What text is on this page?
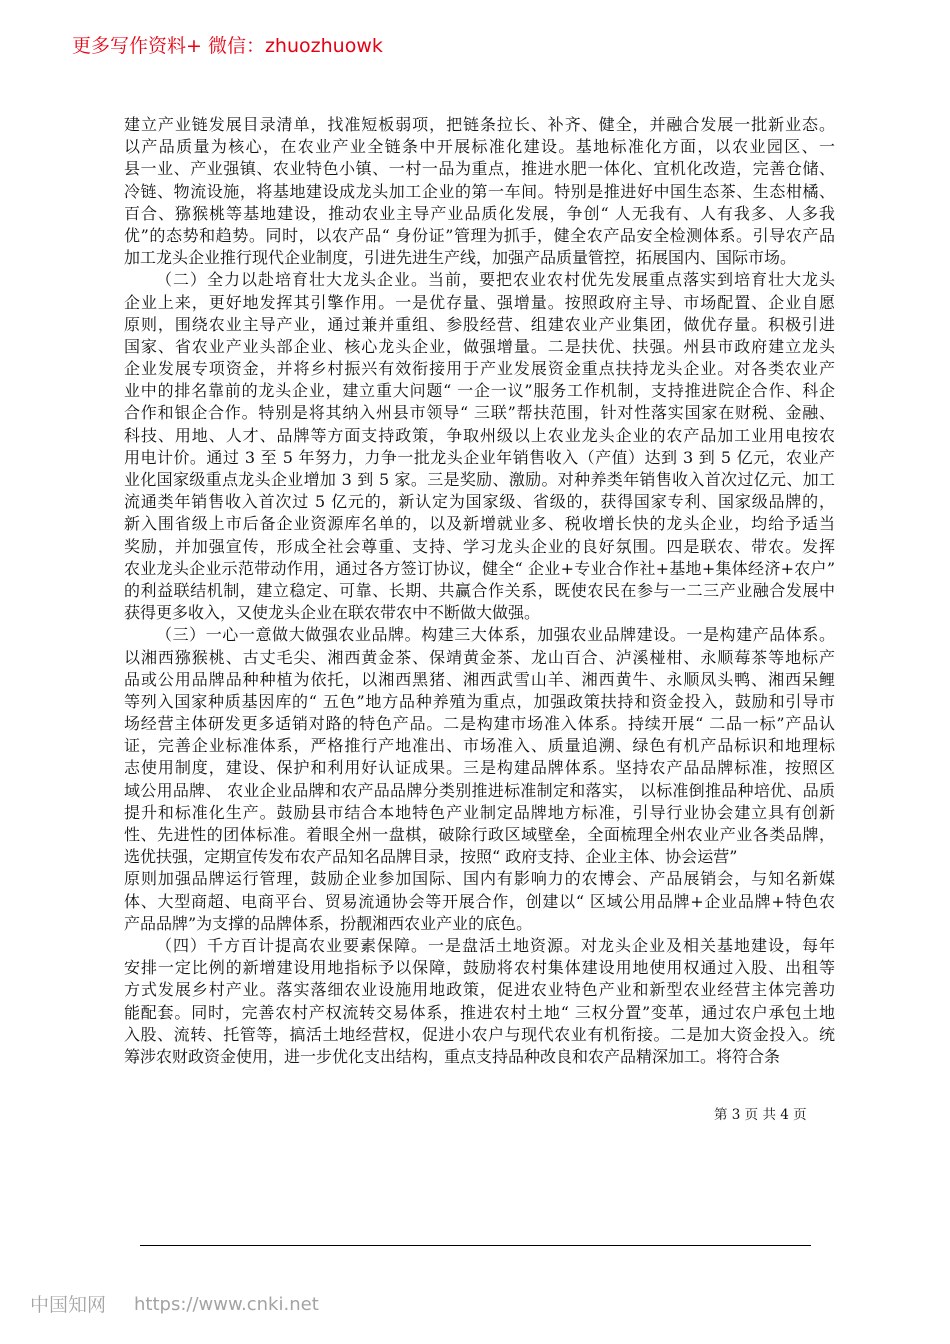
更多写作资料+ 微信：zhuozhuowk
建立产业链发展目录清单，找准短板弱项，把链条拉长、补齐、健全，并融合发展一批新业态。
以产品质量为核心，在农业产业全链条中开展标准化建设。基地标准化方面，以农业园区、一
县一业、产业强镇、农业特色小镇、一村一品为重点，推进水肥一体化、宜机化改造，完善仓储、
冷链、物流设施，将基地建设成龙头加工企业的第一车间。特别是推进好中国生态茶、生态柑橘、
百合、猕猴桃等基地建设，推动农业主导产业品质化发展，争创“ 人无我有、人有我多、人多我
优”的态势和趋势。同时，以农产品“ 身份证”管理为抓手，健全农产品安全检测体系。引导农产品
加工龙头企业推行现代企业制度，引进先进生产线，加强产品质量管控，拓展国内、国际市场。
（二）全力以赴培育壮大龙头企业。当前，要把农业农村优先发展重点落实到培育壮大龙头
企业上来，更好地发挥其引擎作用。一是优存量、强增量。按照政府主导、市场配置、企业自愿
原则，围绕农业主导产业，通过兼并重组、参股经营、组建农业产业集团，做优存量。积极引进
国家、省农业产业头部企业、核心龙头企业，做强增量。二是扶优、扶强。州县市政府建立龙头
企业发展专项资金，并将乡村振兴有效衔接用于产业发展资金重点扶持龙头企业。对各类农业产
业中的排名靠前的龙头企业，建立重大问题“ 一企一议”服务工作机制，支持推进院企合作、科企
合作和银企合作。特别是将其纳入州县市领导“ 三联”帮扶范围，针对性落实国家在财税、金融、
科技、用地、人才、品牌等方面支持政策，争取州级以上农业龙头企业的农产品加工业用电按农
用电计价。通过 3 至 5 年努力，力争一批龙头企业年销售收入（产值）达到 3 到 5 亿元，农业产
业化国家级重点龙头企业增加 3 到 5 家。三是奖励、激励。对种养类年销售收入首次过亿元、加工
流通类年销售收入首次过 5 亿元的，新认定为国家级、省级的，获得国家专利、国家级品牌的，
新入围省级上市后备企业资源库名单的，以及新增就业多、税收增长快的龙头企业，均给予适当
奖励，并加强宣传，形成全社会尊重、支持、学习龙头企业的良好氛围。四是联农、带农。发挥
农业龙头企业示范带动作用，通过各方签订协议，健全“ 企业+专业合作社+基地+集体经济+农户”
的利益联结机制，建立稳定、可靠、长期、共赢合作关系，既使农民在参与一二三产业融合发展中
获得更多收入，又使龙头企业在联农带农中不断做大做强。
（三）一心一意做大做强农业品牌。构建三大体系，加强农业品牌建设。一是构建产品体系。
以湘西猕猴桃、古丈毛尖、湘西黄金茶、保靖黄金茶、龙山百合、泸溪椪柑、永顺莓茶等地标产
品或公用品牌品种种植为依托，以湘西黑猪、湘西武雪山羊、湘西黄牛、永顺凤头鸭、湘西呆鲤
等列入国家种质基因库的“ 五色”地方品种养殖为重点，加强政策扶持和资金投入，鼓励和引导市
场经营主体研发更多适销对路的特色产品。二是构建市场准入体系。持续开展“ 二品一标”产品认
证，完善企业标准体系，严格推行产地准出、市场准入、质量追溯、绿色有机产品标识和地理标
志使用制度，建设、保护和利用好认证成果。三是构建品牌体系。坚持农产品品牌标准，按照区
域公用品牌、 农业企业品牌和农产品品牌分类别推进标准制定和落实， 以标准倒推品种培优、品质
提升和标准化生产。鼓励县市结合本地特色产业制定品牌地方标准，引导行业协会建立具有创新
性、先进性的团体标准。着眼全州一盘棋，破除行政区域壁垒，全面梳理全州农业产业各类品牌，
选优扶强，定期宣传发布农产品知名品牌目录，按照“ 政府支持、企业主体、协会运营”
原则加强品牌运行管理，鼓励企业参加国际、国内有影响力的农博会、产品展销会，与知名新媒
体、大型商超、电商平台、贸易流通协会等开展合作，创建以“ 区域公用品牌+企业品牌+特色农
产品品牌”为支撑的品牌体系，扮靓湘西农业产业的底色。
（四）千方百计提高农业要素保障。一是盘活土地资源。对龙头企业及相关基地建设，每年
安排一定比例的新增建设用地指标予以保障，鼓励将农村集体建设用地使用权通过入股、出租等
方式发展乡村产业。落实落细农业设施用地政策，促进农业特色产业和新型农业经营主体完善功
能配套。同时，完善农村产权流转交易体系，推进农村土地“ 三权分置”变革，通过农户承包土地
入股、流转、托管等，搞活土地经营权，促进小农户与现代农业有机衔接。二是加大资金投入。统
筹涉农财政资金使用，进一步优化支出结构，重点支持品种改良和农产品精深加工。将符合条
第 3 页 共 4 页
中国知网 https://www.cnki.net
